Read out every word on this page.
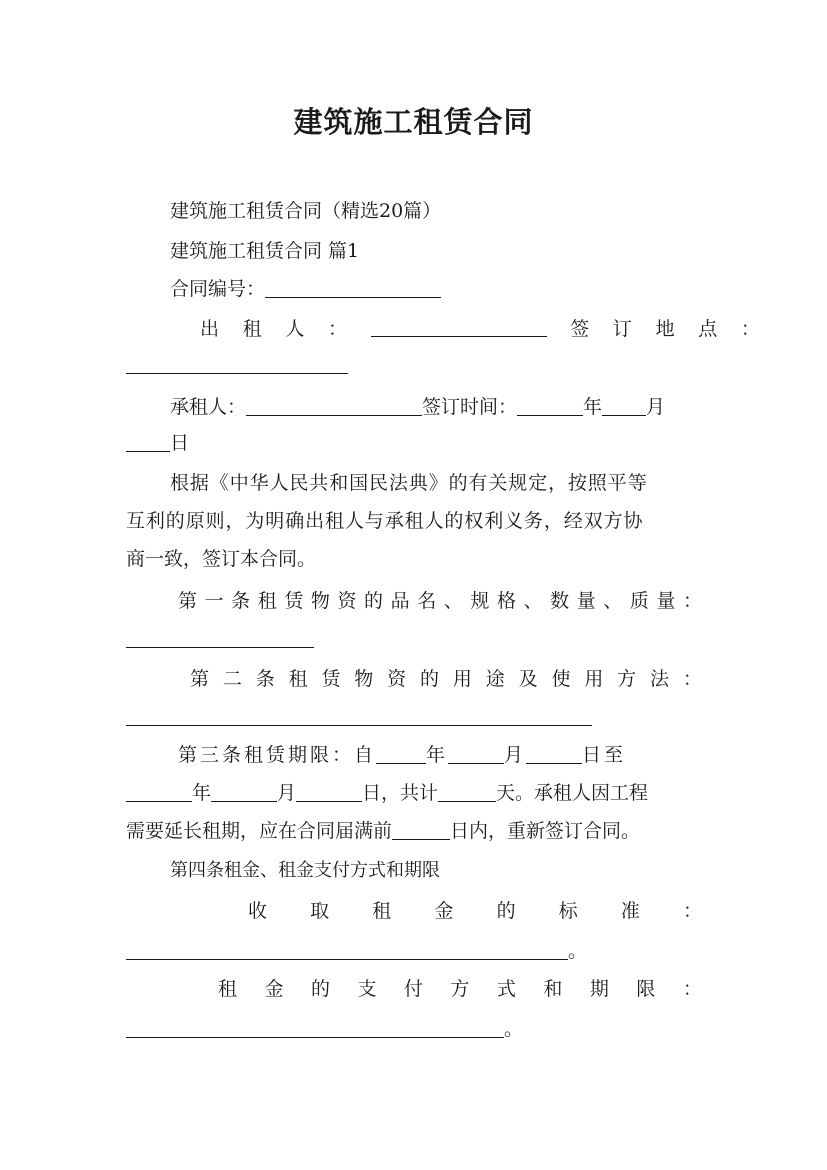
建筑施工租赁合同
建筑施工租赁合同（精选20篇）
建筑施工租赁合同 篇1
合同编号：
出 租 人 ：	签 订 地 点 ：
承租人：	签订时间：	年 月
日
根据《中华人民共和国民法典》的有关规定，按照平等
互利的原则，为明确出租人与承租人的权利义务，经双方协
商一致，签订本合同。
第 一 条 租 赁 物 资 的 品 名 、 规 格 、 数 量 、 质 量 ：
第 二 条 租 赁 物 资 的 用 途 及 使 用 方 法 ：
第三条租赁期限：自	年	月	日至
年	月	日，共计	天。承租人因工程
需要延长租期，应在合同届满前	日内，重新签订合同。
第四条租金、租金支付方式和期限
收 取 租 金 的 标 准 ：
。
租 金 的 支 付 方 式 和 期 限 ：
。
